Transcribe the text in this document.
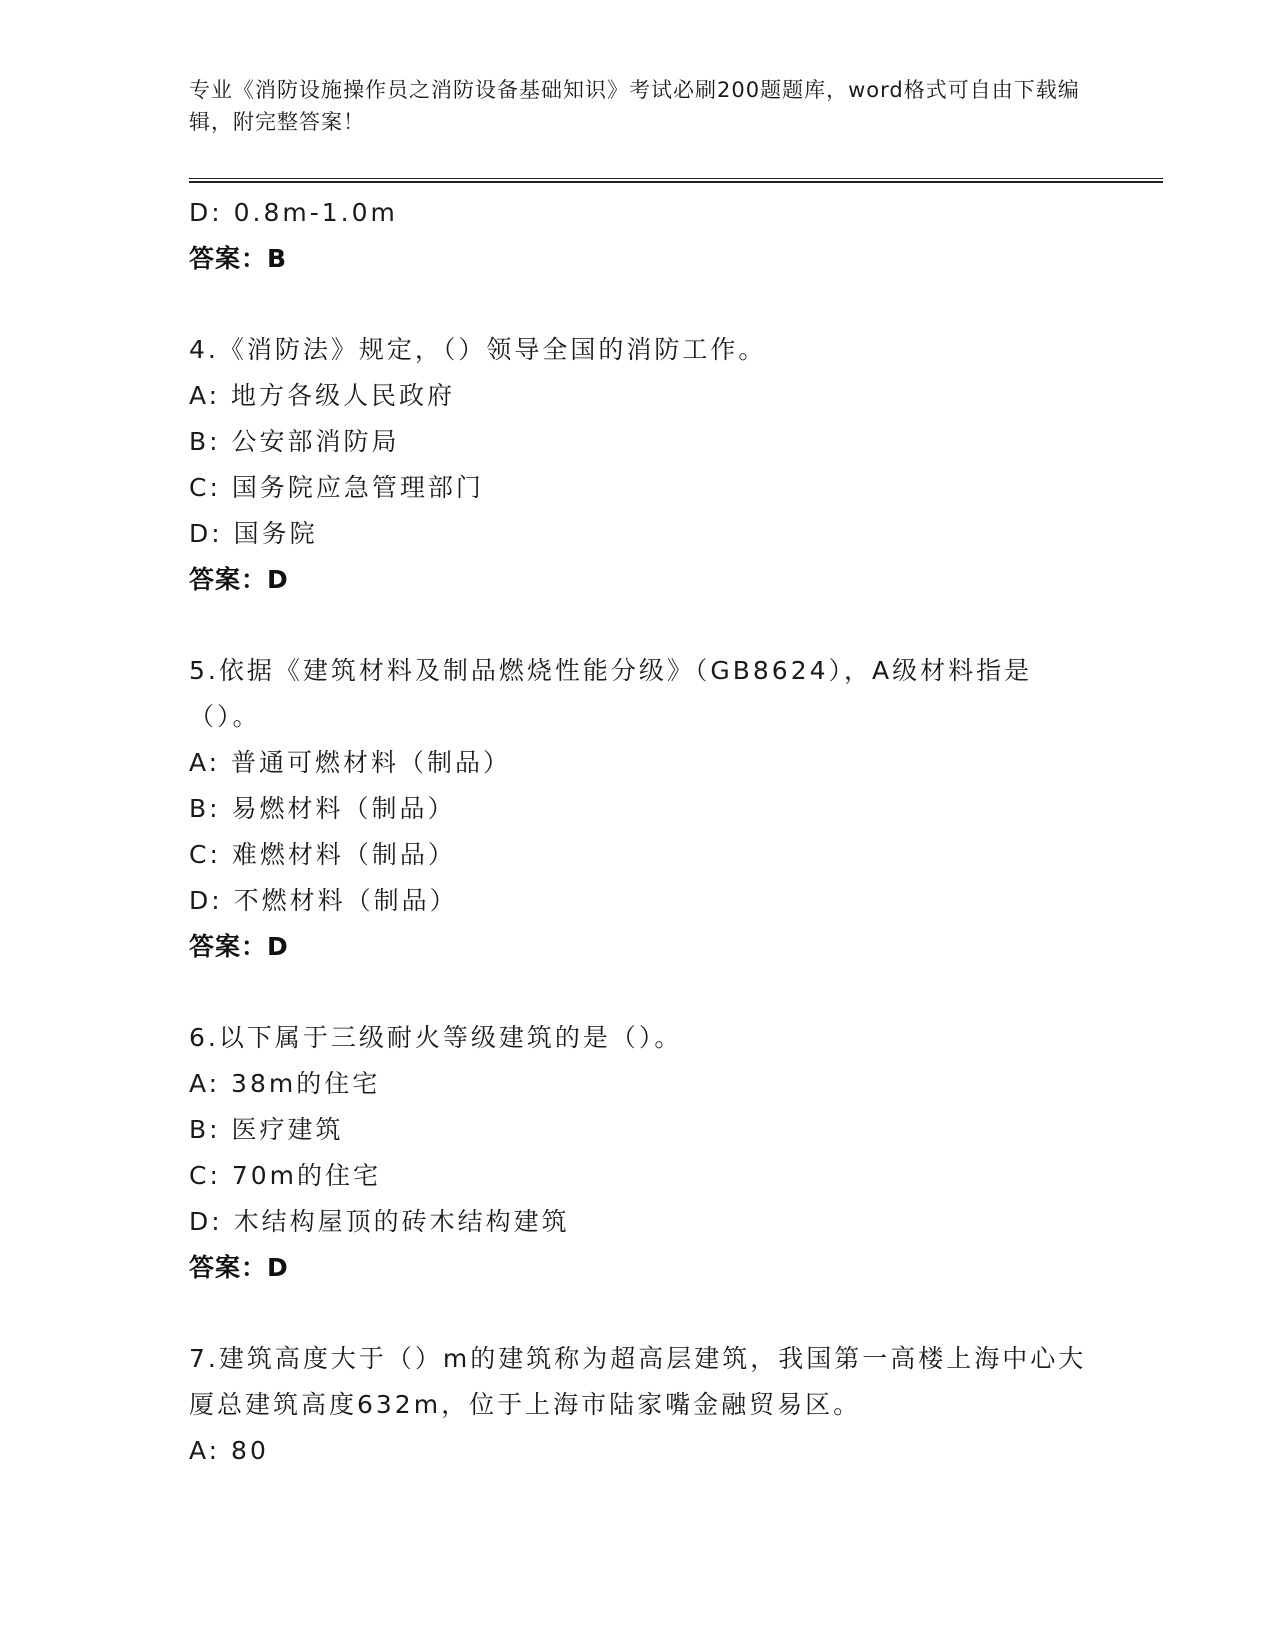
专业《消防设施操作员之消防设备基础知识》考试必刷200题题库，word格式可自由下载编辑，附完整答案！
D: 0.8m-1.0m
答案：B
4.《消防法》规定，（）领导全国的消防工作。
A: 地方各级人民政府
B: 公安部消防局
C: 国务院应急管理部门
D: 国务院
答案：D
5.依据《建筑材料及制品燃烧性能分级》（GB8624），A级材料指是（）。
A: 普通可燃材料（制品）
B: 易燃材料（制品）
C: 难燃材料（制品）
D: 不燃材料（制品）
答案：D
6.以下属于三级耐火等级建筑的是（）。
A: 38m的住宅
B: 医疗建筑
C: 70m的住宅
D: 木结构屋顶的砖木结构建筑
答案：D
7.建筑高度大于（）m的建筑称为超高层建筑，我国第一高楼上海中心大厦总建筑高度632m，位于上海市陆家嘴金融贸易区。
A: 80
